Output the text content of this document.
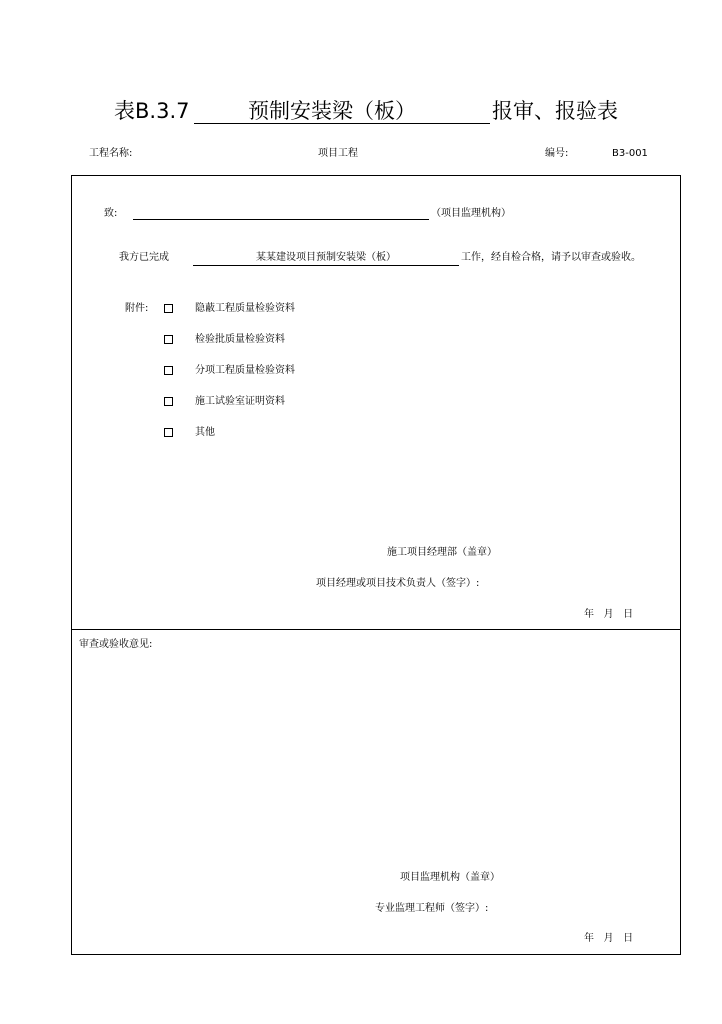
表B.3.7	预制安装梁（板）	报审、报验表
工程名称:	项目工程	编号:	B3-001
致:	（项目监理机构）
我方已完成	某某建设项目预制安装梁（板）	工作，经自检合格，请予以审查或验收。
附件:	隐蔽工程质量检验资料
检验批质量检验资料
分项工程质量检验资料
施工试验室证明资料
其他
施工项目经理部（盖章）
项目经理或项目技术负责人（签字）:
年   月   日
审查或验收意见:
项目监理机构（盖章）
专业监理工程师（签字）:
年   月   日
